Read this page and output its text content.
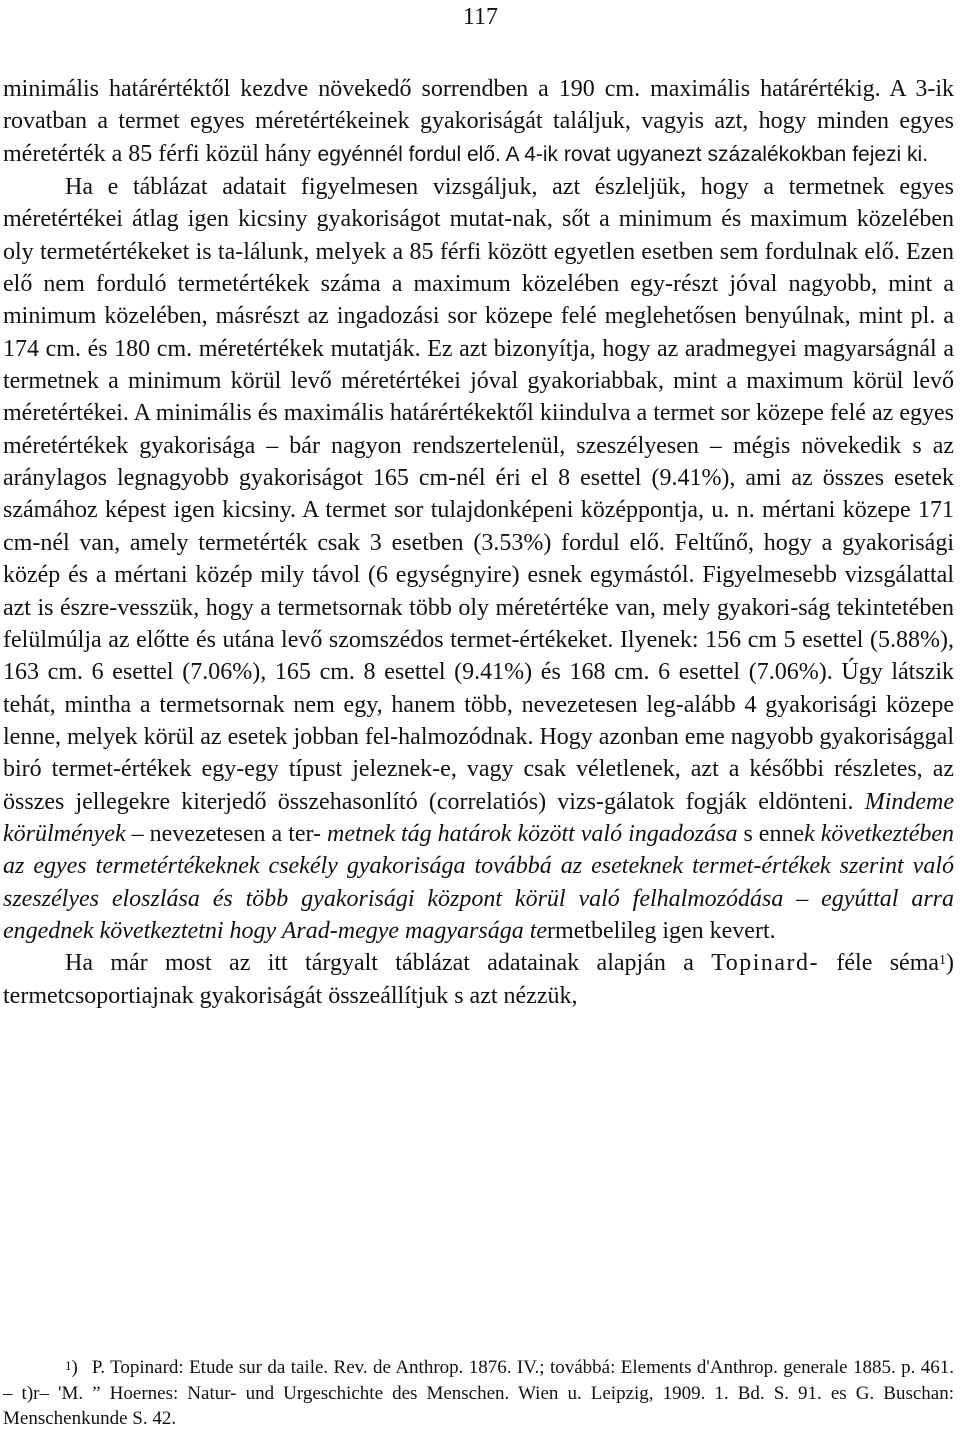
117

minimális határértéktől kezdve növekedő sorrendben a 190 cm. maximális határértékig. A 3-ik rovatban a termet egyes méretértékeinek gyakoriságát találjuk, vagyis azt, hogy minden egyes méretérték a 85 férfi közül hány egyénnél fordul elő. A 4-ik rovat ugyanezt százalékokban fejezi ki.

Ha e táblázat adatait figyelmesen vizsgáljuk, azt észleljük, hogy a termetnek egyes méretértékei átlag igen kicsiny gyakoriságot mutat-nak, sőt a minimum és maximum közelében oly termetértékeket is ta-lálunk, melyek a 85 férfi között egyetlen esetben sem fordulnak elő. Ezen elő nem forduló termetértékek száma a maximum közelében egy-részt jóval nagyobb, mint a minimum közelében, másrészt az ingadozási sor közepe felé meglehetősen benyúlnak, mint pl. a 174 cm. és 180 cm. méretértékek mutatják. Ez azt bizonyítja, hogy az aradmegyei magyarságnál a termetnek a minimum körül levő méretértékei jóval gyakoriabbak, mint a maximum körül levő méretértékei. A minimális és maximális határértékektől kiindulva a termet sor közepe felé az egyes méretértékek gyakorisága – bár nagyon rendszertelenül, szeszélyesen – mégis növekedik s az aránylagos legnagyobb gyakoriságot 165 cm-nél éri el 8 esettel (9.41%), ami az összes esetek számához képest igen kicsiny. A termet sor tulajdonképeni középpontja, u. n. mértani közepe 171 cm-nél van, amely termetérték csak 3 esetben (3.53%) fordul elő. Feltűnő, hogy a gyakorisági közép és a mértani közép mily távol (6 egységnyire) esnek egymástól. Figyelmesebb vizsgálattal azt is észre-vesszük, hogy a termetsornak több oly méretértéke van, mely gyakori-ság tekintetében felülmúlja az előtte és utána levő szomszédos termet-értékeket. Ilyenek: 156 cm 5 esettel (5.88%), 163 cm. 6 esettel (7.06%), 165 cm. 8 esettel (9.41%) és 168 cm. 6 esettel (7.06%). Úgy látszik tehát, mintha a termetsornak nem egy, hanem több, nevezetesen leg-alább 4 gyakorisági közepe lenne, melyek körül az esetek jobban fel-halmozódnak. Hogy azonban eme nagyobb gyakorisággal biró termet-értékek egy-egy típust jeleznek-e, vagy csak véletlenek, azt a későbbi részletes, az összes jellegekre kiterjedő összehasonlító (correlatiós) vizs-gálatok fogják eldönteni. Mindeme körülmények – nevezetesen a ter- metnek tág határok között való ingadozása s ennek következtében az egyes termetértékeknek csekély gyakorisága továbbá az eseteknek termet-értékek szerint való szeszélyes eloszlása és több gyakorisági központ körül való felhalmozódása – egyúttal arra engednek következtetni hogy Arad-megye magyarsága termetbelileg igen kevert.

Ha már most az itt tárgyalt táblázat adatainak alapján a Topinard- féle séma$^1$) termetcsoportiajnak gyakoriságát összeállítjuk s azt nézzük,

$^1$) P. Topinard: Etude sur da taile. Rev. de Anthrop. 1876. IV.; továbbá: Elements d'Anthrop. generale 1885. p. 461. – t)r– 'M. ” Hoernes: Natur- und Urgeschichte des Menschen. Wien u. Leipzig, 1909. 1. Bd. S. 91. es G. Buschan: Menschenkunde S. 42.
